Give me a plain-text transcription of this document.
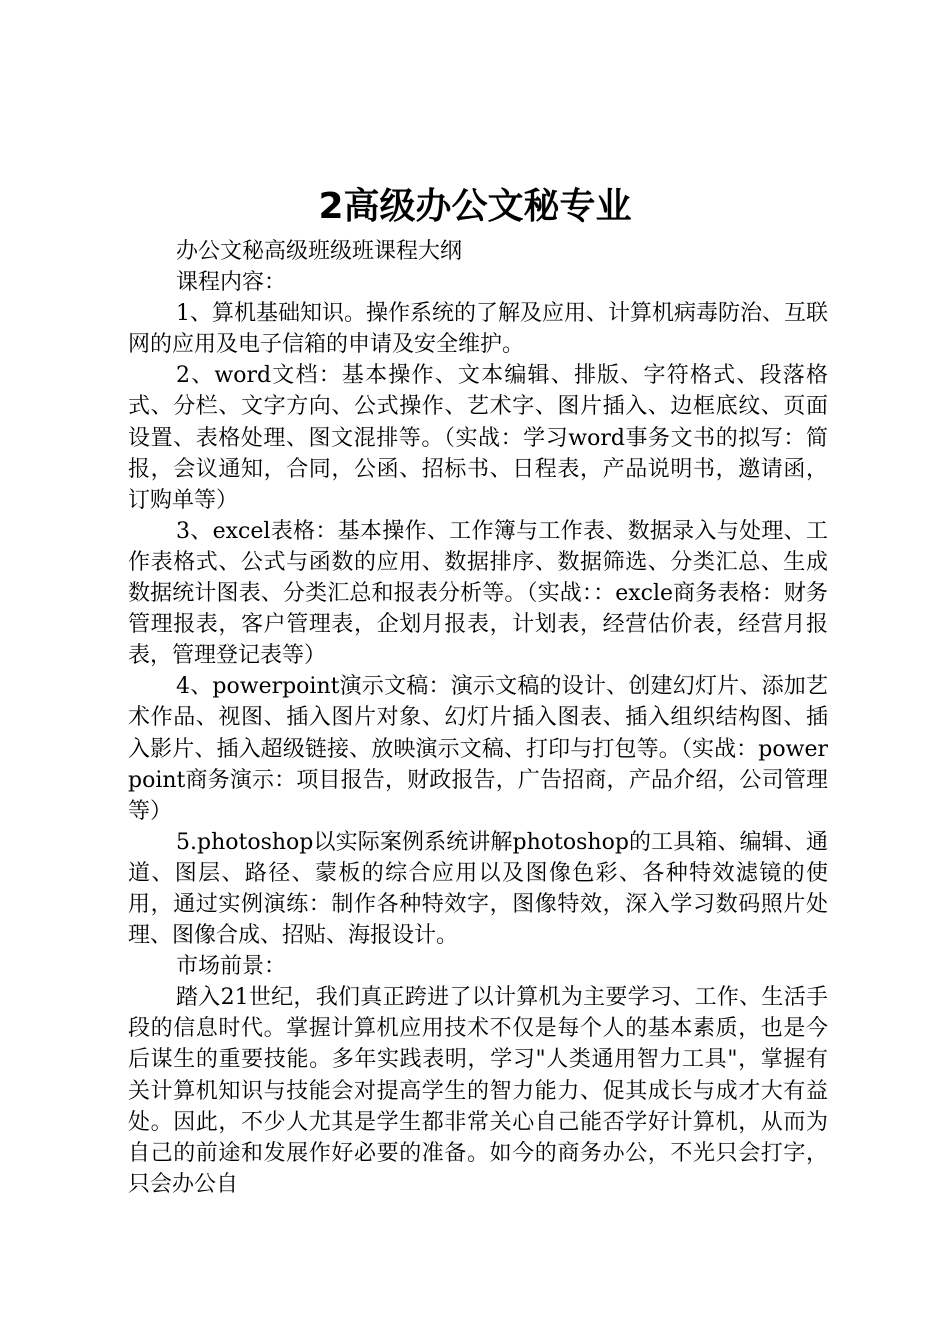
2高级办公文秘专业

办公文秘高级班级班课程大纲

课程内容：

1、算机基础知识。操作系统的了解及应用、计算机病毒防治、互联网的应用及电子信箱的申请及安全维护。

2、word文档：基本操作、文本编辑、排版、字符格式、段落格式、分栏、文字方向、公式操作、艺术字、图片插入、边框底纹、页面设置、表格处理、图文混排等。（实战：学习word事务文书的拟写：简报，会议通知，合同，公函、招标书、日程表，产品说明书，邀请函，订购单等）

3、excel表格：基本操作、工作簿与工作表、数据录入与处理、工作表格式、公式与函数的应用、数据排序、数据筛选、分类汇总、生成数据统计图表、分类汇总和报表分析等。（实战：：excle商务表格：财务管理报表，客户管理表，企划月报表，计划表，经营估价表，经营月报表，管理登记表等）

4、powerpoint演示文稿：演示文稿的设计、创建幻灯片、添加艺术作品、视图、插入图片对象、幻灯片插入图表、插入组织结构图、插入影片、插入超级链接、放映演示文稿、打印与打包等。（实战：powerpoint商务演示：项目报告，财政报告，广告招商，产品介绍，公司管理等）

5.photoshop以实际案例系统讲解photoshop的工具箱、编辑、通道、图层、路径、蒙板的综合应用以及图像色彩、各种特效滤镜的使用，通过实例演练：制作各种特效字，图像特效，深入学习数码照片处理、图像合成、招贴、海报设计。

市场前景：

踏入21世纪，我们真正跨进了以计算机为主要学习、工作、生活手段的信息时代。掌握计算机应用技术不仅是每个人的基本素质，也是今后谋生的重要技能。多年实践表明，学习"人类通用智力工具"，掌握有关计算机知识与技能会对提高学生的智力能力、促其成长与成才大有益处。因此，不少人尤其是学生都非常关心自己能否学好计算机，从而为自己的前途和发展作好必要的准备。如今的商务办公，不光只会打字，只会办公自
